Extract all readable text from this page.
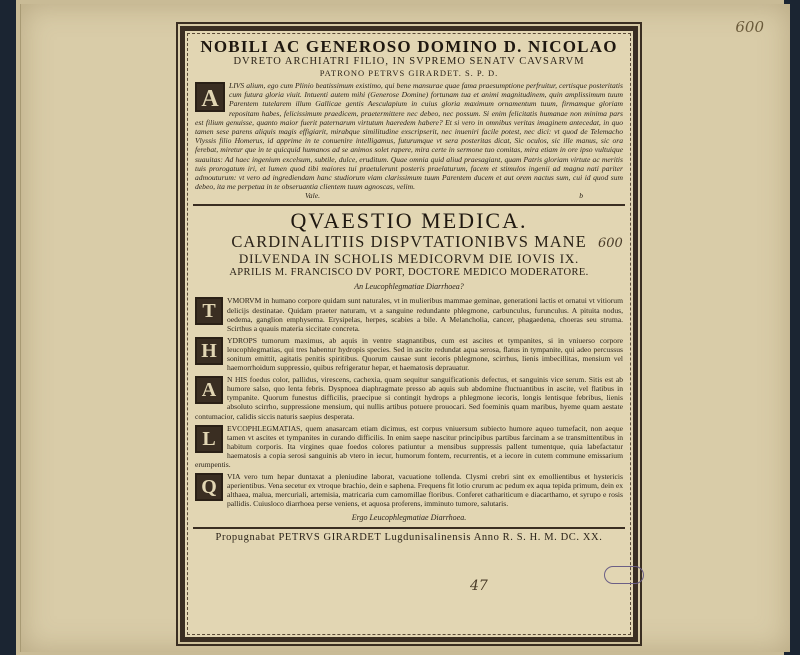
600
NOBILI AC GENEROSO DOMINO D. NICOLAO
DVRETO ARCHIATRI FILIO, IN SVPREMO SENATV CAVSARVM
PATRONO PETRVS GIRARDET. S. P. D.
A
LIVS alium, ego cum Plinio beatissimum existimo, qui bene mansurae quae fama praesumptione perfruitur, certisque posteritatis cum futura gloria viuit. Intuenti autem mihi (Generose Domine) fortunam tua et animi magnitudinem, quin amplissimum tuum Parentem tutelarem illum Gallicae gentis Aesculapium in cuius gloria maximum ornamentum tuum, firmamque gloriam repositam habes, felicissimum praedicem, praetermittere nec debeo, nec possum. Si enim felicitatis humanae non minima pars est filium genuisse, quanto maior fuerit paternarum virtutum haeredem habere? Et si vero in omnibus veritas imaginem antecedat, in quo tamen sese parens aliquis magis effigiarit, mirabque similitudine exscripserit, nec inueniri facile potest, nec dici: vt quod de Telemacho Vlyssis filio Homerus, id apprime in te conuenire intelligamus, futurumque vt sera posteritas dicat, Sic oculos, sic ille manus, sic ora ferebat, miretur que in te quicquid humanos ad se animos solet rapere, mira certe in sermone tuo comitas, mira etiam in ore ipso vultuique suauitas: Ad haec ingenium excelsum, subtile, dulce, eruditum. Quae omnia quid aliud praesagiant, quam Patris gloriam virtute ac meritis tuis prorogatum iri, et lumen quod tibi maiores tui praetulerunt posteris praelaturum, facem et stimulos ingenii ad magna nati pariter admouturum: vt vero ad ingrediendam hanc studiorum viam clarissimum tuum Parentem ducem et aut orem nactus sum, cui id quod sum debeo, ita me perpetua in te obseruantia clientem tuum agnoscas, velim.
Vale.	b
QVAESTIO MEDICA.
CARDINALITIIS DISPVTATIONIBVS MANE
DILVENDA IN SCHOLIS MEDICORVM DIE IOVIS IX.
APRILIS M. FRANCISCO DV PORT, DOCTORE MEDICO MODERATORE.
An Leucophlegmatiae Diarrhoea?
T	VMORVM in humano corpore quidam sunt naturales, vt in mulieribus mammae geminae, generationi lactis et ornatui vt vitiorum delicijs destinatae. Quidam praeter naturam, vt a sanguine redundante phlegmone, carbunculus, furunculus. A pituita nodus, oedema, ganglion emphysema. Erysipelas, herpes, scabies a bile. A Melancholia, cancer, phagaedena, choeras seu struma. Scirthus a quauis materia siccitate concreta.
H	YDROPS tumorum maximus, ab aquis in ventre stagnantibus, cum est ascites et tympanites, si in vniuerso corpore leucophlegmatias, qui tres habentur hydropis species. Sed in ascite redundat aqua serosa, flatus in tympanite, qui adeo percussus sonitum emittit, agitatis penitis spiritibus. Quorum causae sunt iecoris phlegmone, scirrhus, lienis imbecillitas, mensium vel haemorrhoidum suppressio, quibus refrigeratur hepar, et haematosis deprauatur.
A	N HIS foedus color, pallidus, virescens, cachexia, quam sequitur sanguificationis defectus, et sanguinis vice serum. Sitis est ab humore salso, quo lenta febris. Dyspnoea diaphragmate presso ab aquis sub abdomine fluctuantibus in ascite, vel flatibus in tympanite. Quorum funestus difficilis, praecipue si contingit hydrops a phlegmone iecoris, longis lentisque febribus, lienis absoluto scirrho, suppressione mensium, qui nullis artibus potuere prouocari. Sed foeminis quam maribus, hyeme quam aestate contumacior, calidis siccis naturis saepius desperata.
L	EVCOPHLEGMATIAS, quem anasarcam etiam dicimus, est corpus vniuersum subiecto humore aqueo tumefacit, non aeque tamen vt ascites et tympanites in curando difficilis. In enim saepe nascitur principibus partibus farcinam a se transmittentibus in habitum corporis. Ita virgines quae foedos colores patiuntur a mensibus suppressis pallent tumentque, quia labefactatur haematosis a copia serosi sanguinis ab vtero in iecur, humorum fontem, recurrentis, et a iecore in cutem commune emissarium erumpentis.
Q	VIA vero tum hepar duntaxat a pleniudine laborat, vacuatione tollenda. Clysmi crebri sint ex emollientibus et hystericis aperientibus. Vena secetur ex vtroque brachio, dein e saphena. Frequens fit lotio crurum ac pedum ex aqua tepida primum, dein ex althaea, malua, mercuriali, artemisia, matricaria cum camomillae floribus. Conferet cathariticum e diacarthamo, et syrupo e rosis pallidis. Cuiusloco diarrhoea perse veniens, et aquosa proferens, imminuto tumore, salutaris.
Ergo Leucophlegmatiae Diarrhoea.
Propugnabat PETRVS GIRARDET Lugdunisalinensis Anno R. S. H. M. DC. XX.
600
47
